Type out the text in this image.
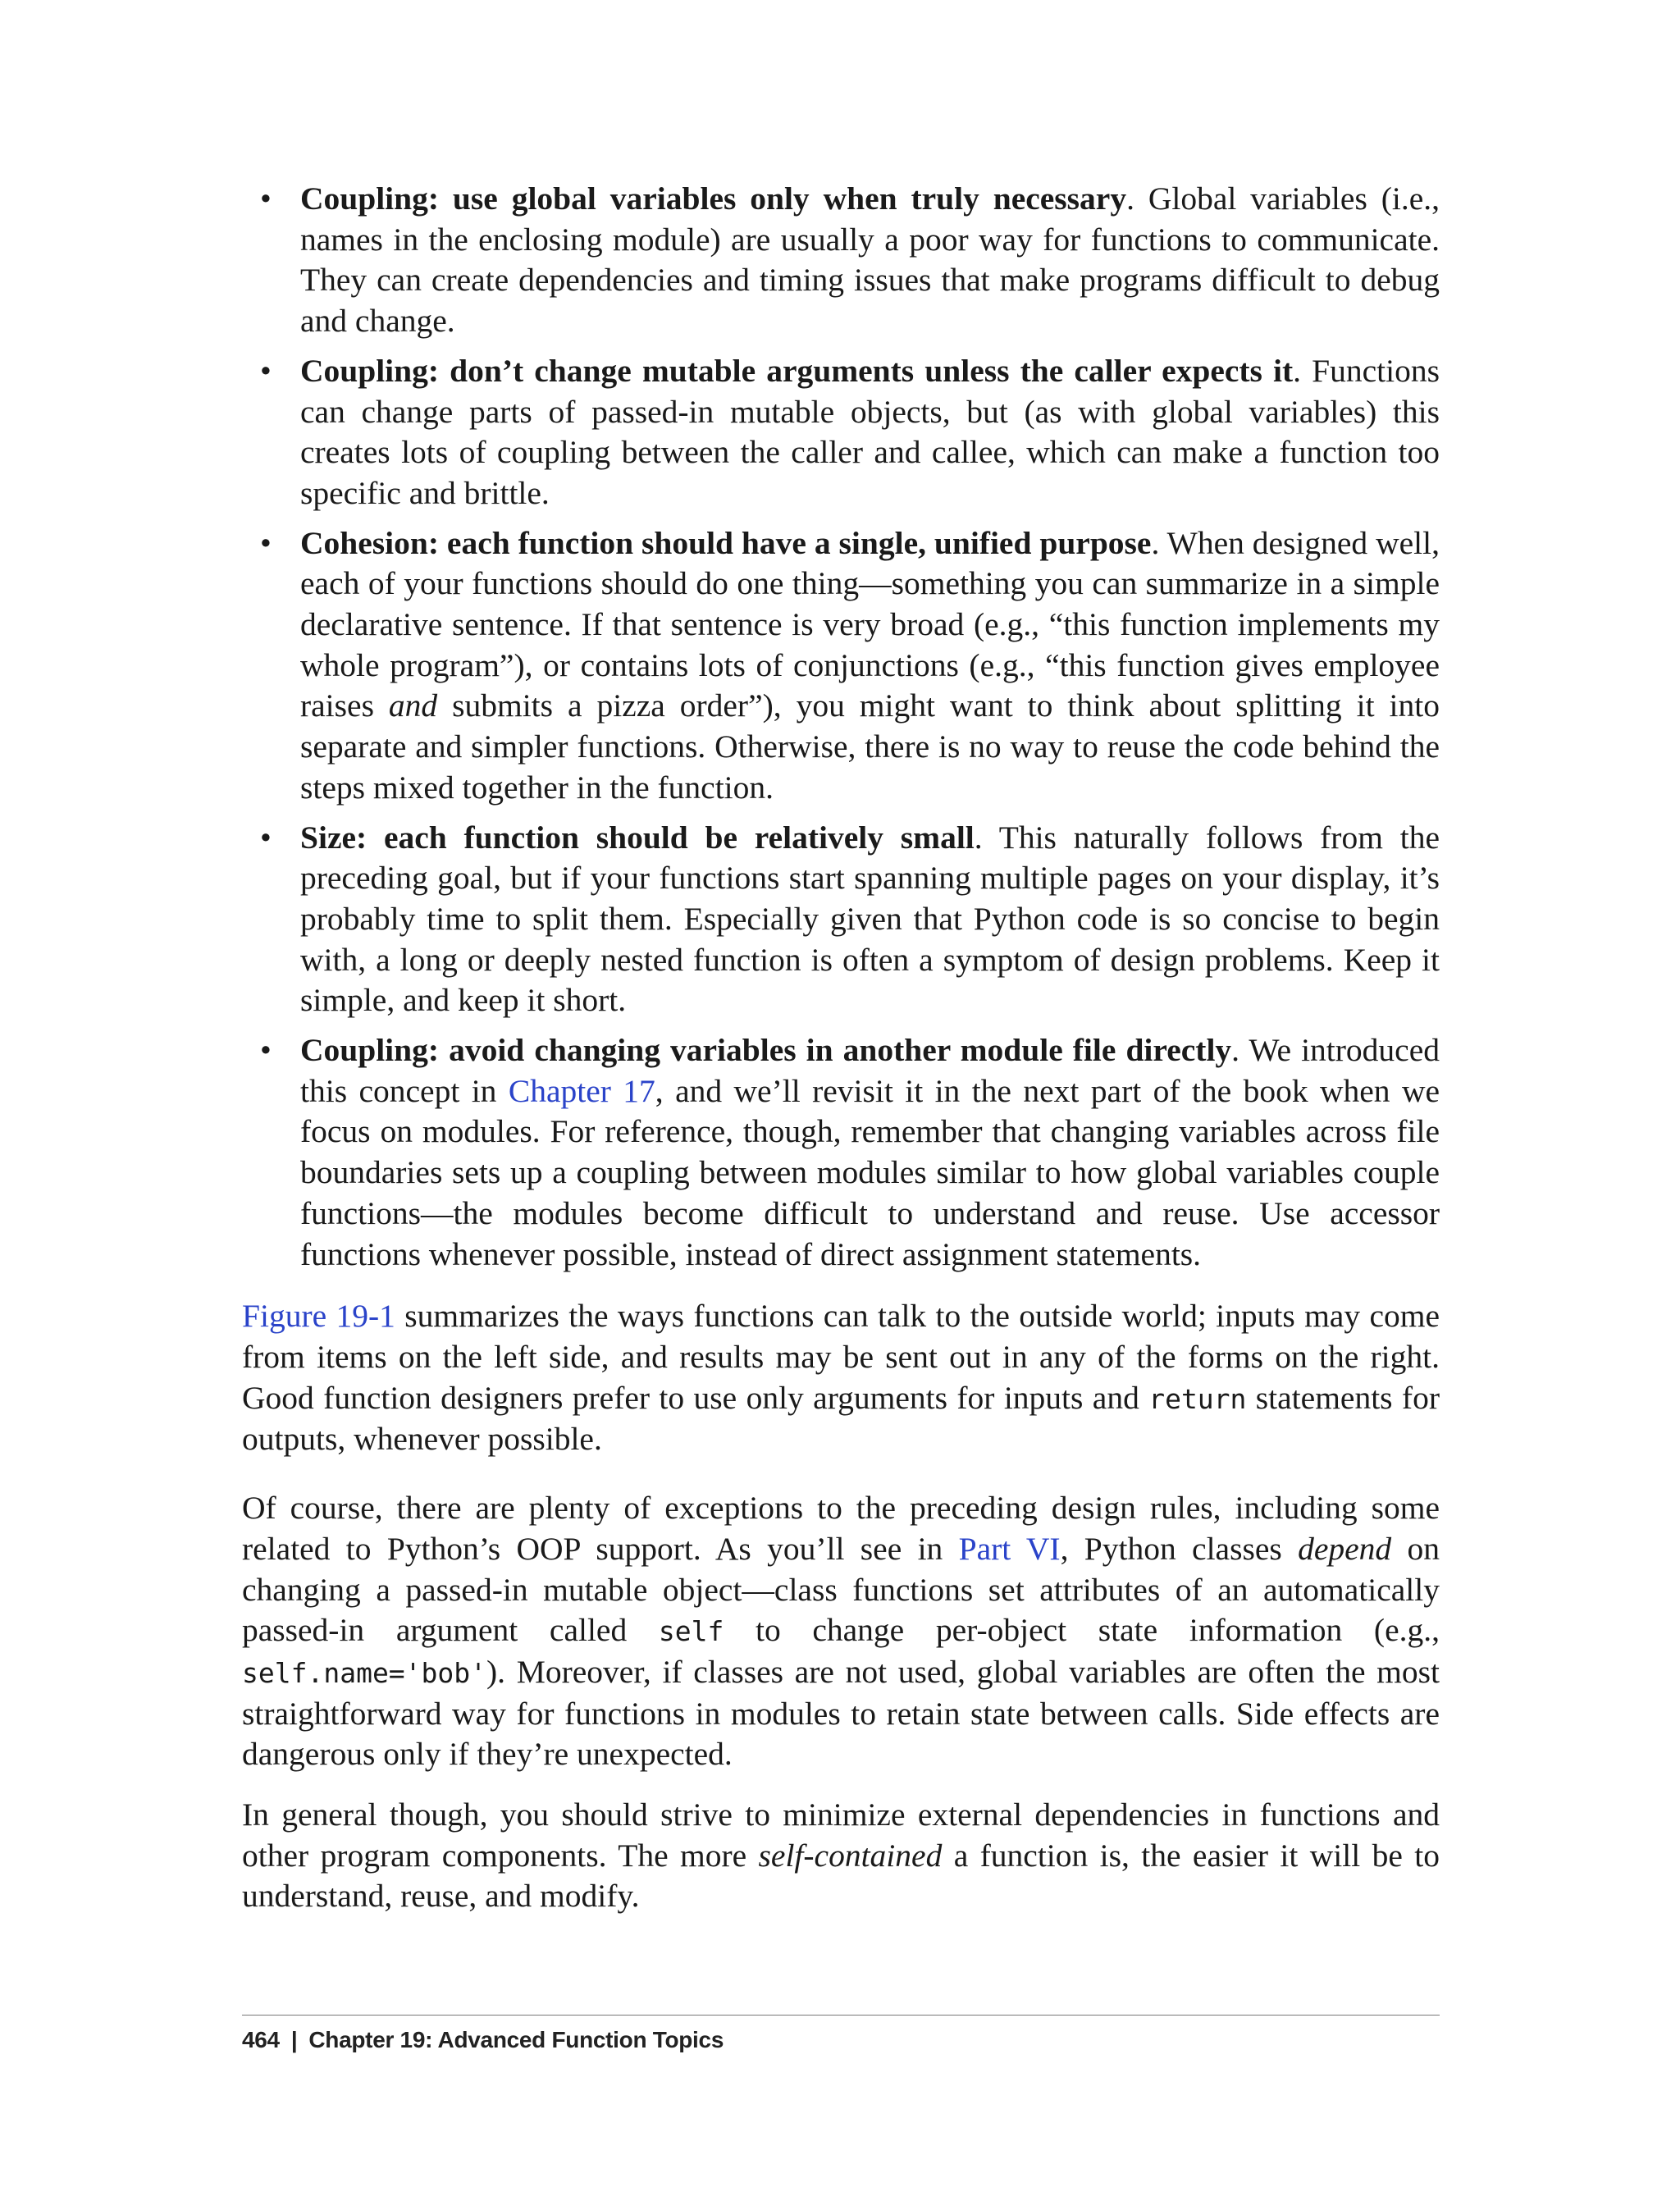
• Coupling: use global variables only when truly necessary. Global variables (i.e., names in the enclosing module) are usually a poor way for functions to communicate. They can create dependencies and timing issues that make programs difficult to debug and change.
• Coupling: don’t change mutable arguments unless the caller expects it. Functions can change parts of passed-in mutable objects, but (as with global variables) this creates lots of coupling between the caller and callee, which can make a function too specific and brittle.
• Cohesion: each function should have a single, unified purpose. When designed well, each of your functions should do one thing—something you can summarize in a simple declarative sentence. If that sentence is very broad (e.g., “this function implements my whole program”), or contains lots of conjunctions (e.g., “this function gives employee raises and submits a pizza order”), you might want to think about splitting it into separate and simpler functions. Otherwise, there is no way to reuse the code behind the steps mixed together in the function.
• Size: each function should be relatively small. This naturally follows from the preceding goal, but if your functions start spanning multiple pages on your display, it’s probably time to split them. Especially given that Python code is so concise to begin with, a long or deeply nested function is often a symptom of design problems. Keep it simple, and keep it short.
• Coupling: avoid changing variables in another module file directly. We introduced this concept in Chapter 17, and we’ll revisit it in the next part of the book when we focus on modules. For reference, though, remember that changing variables across file boundaries sets up a coupling between modules similar to how global variables couple functions—the modules become difficult to understand and reuse. Use accessor functions whenever possible, instead of direct assignment statements.

Figure 19-1 summarizes the ways functions can talk to the outside world; inputs may come from items on the left side, and results may be sent out in any of the forms on the right. Good function designers prefer to use only arguments for inputs and return statements for outputs, whenever possible.

Of course, there are plenty of exceptions to the preceding design rules, including some related to Python’s OOP support. As you’ll see in Part VI, Python classes depend on changing a passed-in mutable object—class functions set attributes of an automatically passed-in argument called self to change per-object state information (e.g., self.name='bob'). Moreover, if classes are not used, global variables are often the most straightforward way for functions in modules to retain state between calls. Side effects are dangerous only if they’re unexpected.

In general though, you should strive to minimize external dependencies in functions and other program components. The more self-contained a function is, the easier it will be to understand, reuse, and modify.

464 | Chapter 19: Advanced Function Topics
